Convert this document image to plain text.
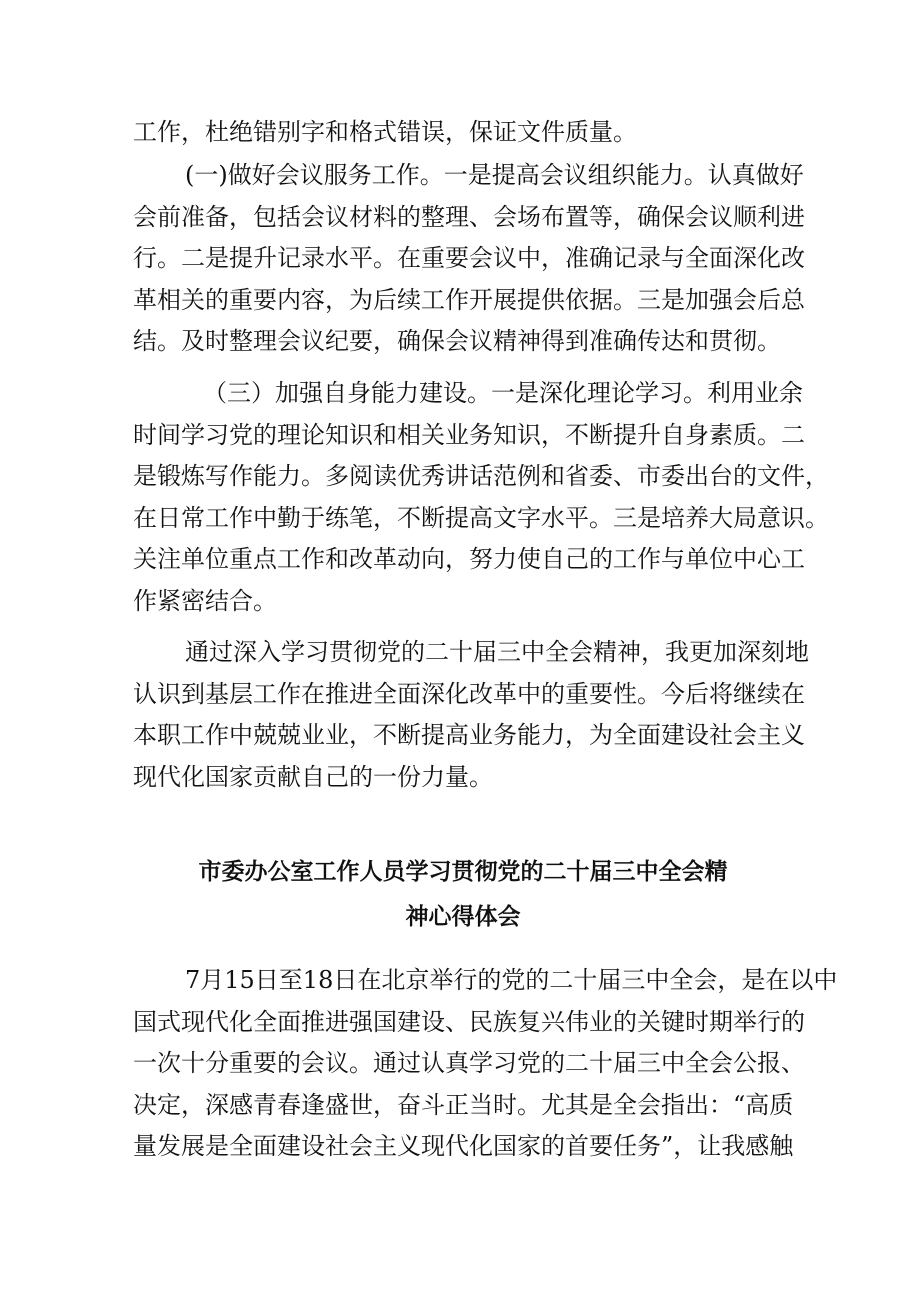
工作，杜绝错别字和格式错误，保证文件质量。

(一)做好会议服务工作。一是提高会议组织能力。认真做好
会前准备，包括会议材料的整理、会场布置等，确保会议顺利进
行。二是提升记录水平。在重要会议中，准确记录与全面深化改
革相关的重要内容，为后续工作开展提供依据。三是加强会后总
结。及时整理会议纪要，确保会议精神得到准确传达和贯彻。

（三）加强自身能力建设。一是深化理论学习。利用业余
时间学习党的理论知识和相关业务知识，不断提升自身素质。二
是锻炼写作能力。多阅读优秀讲话范例和省委、市委出台的文件，
在日常工作中勤于练笔，不断提高文字水平。三是培养大局意识。
关注单位重点工作和改革动向，努力使自己的工作与单位中心工
作紧密结合。

通过深入学习贯彻党的二十届三中全会精神，我更加深刻地
认识到基层工作在推进全面深化改革中的重要性。今后将继续在
本职工作中兢兢业业，不断提高业务能力，为全面建设社会主义
现代化国家贡献自己的一份力量。

市委办公室工作人员学习贯彻党的二十届三中全会精
神心得体会

7月15日至18日在北京举行的党的二十届三中全会，是在以中
国式现代化全面推进强国建设、民族复兴伟业的关键时期举行的
一次十分重要的会议。通过认真学习党的二十届三中全会公报、
决定，深感青春逢盛世，奋斗正当时。尤其是全会指出：“高质
量发展是全面建设社会主义现代化国家的首要任务”，让我感触
